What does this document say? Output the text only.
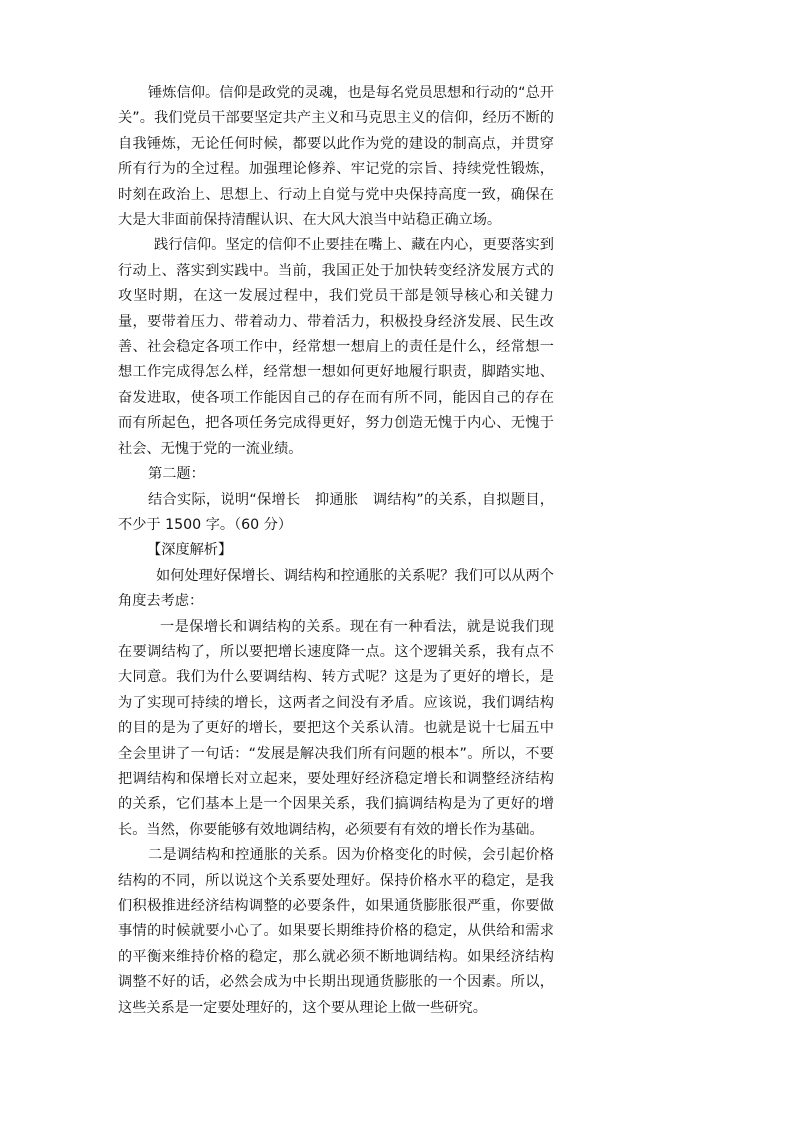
锤炼信仰。信仰是政党的灵魂，也是每名党员思想和行动的“总开关”。我们党员干部要坚定共产主义和马克思主义的信仰，经历不断的自我锤炼，无论任何时候，都要以此作为党的建设的制高点，并贯穿所有行为的全过程。加强理论修养、牢记党的宗旨、持续党性锻炼，时刻在政治上、思想上、行动上自觉与党中央保持高度一致，确保在大是大非面前保持清醒认识、在大风大浪当中站稳正确立场。

践行信仰。坚定的信仰不止要挂在嘴上、藏在内心，更要落实到行动上、落实到实践中。当前，我国正处于加快转变经济发展方式的攻坚时期，在这一发展过程中，我们党员干部是领导核心和关键力量，要带着压力、带着动力、带着活力，积极投身经济发展、民生改善、社会稳定各项工作中，经常想一想肩上的责任是什么，经常想一想工作完成得怎么样，经常想一想如何更好地履行职责，脚踏实地、奋发进取，使各项工作能因自己的存在而有所不同，能因自己的存在而有所起色，把各项任务完成得更好，努力创造无愧于内心、无愧于社会、无愧于党的一流业绩。

第二题：

结合实际，说明“保增长　抑通胀　调结构”的关系，自拟题目，不少于 1500 字。（60 分）

【深度解析】

如何处理好保增长、调结构和控通胀的关系呢？我们可以从两个角度去考虑：

一是保增长和调结构的关系。现在有一种看法，就是说我们现在要调结构了，所以要把增长速度降一点。这个逻辑关系，我有点不大同意。我们为什么要调结构、转方式呢？这是为了更好的增长，是为了实现可持续的增长，这两者之间没有矛盾。应该说，我们调结构的目的是为了更好的增长，要把这个关系认清。也就是说十七届五中全会里讲了一句话：“发展是解决我们所有问题的根本”。所以，不要把调结构和保增长对立起来，要处理好经济稳定增长和调整经济结构的关系，它们基本上是一个因果关系，我们搞调结构是为了更好的增长。当然，你要能够有效地调结构，必须要有有效的增长作为基础。

二是调结构和控通胀的关系。因为价格变化的时候，会引起价格结构的不同，所以说这个关系要处理好。保持价格水平的稳定，是我们积极推进经济结构调整的必要条件，如果通货膨胀很严重，你要做事情的时候就要小心了。如果要长期维持价格的稳定，从供给和需求的平衡来维持价格的稳定，那么就必须不断地调结构。如果经济结构调整不好的话，必然会成为中长期出现通货膨胀的一个因素。所以，这些关系是一定要处理好的，这个要从理论上做一些研究。
